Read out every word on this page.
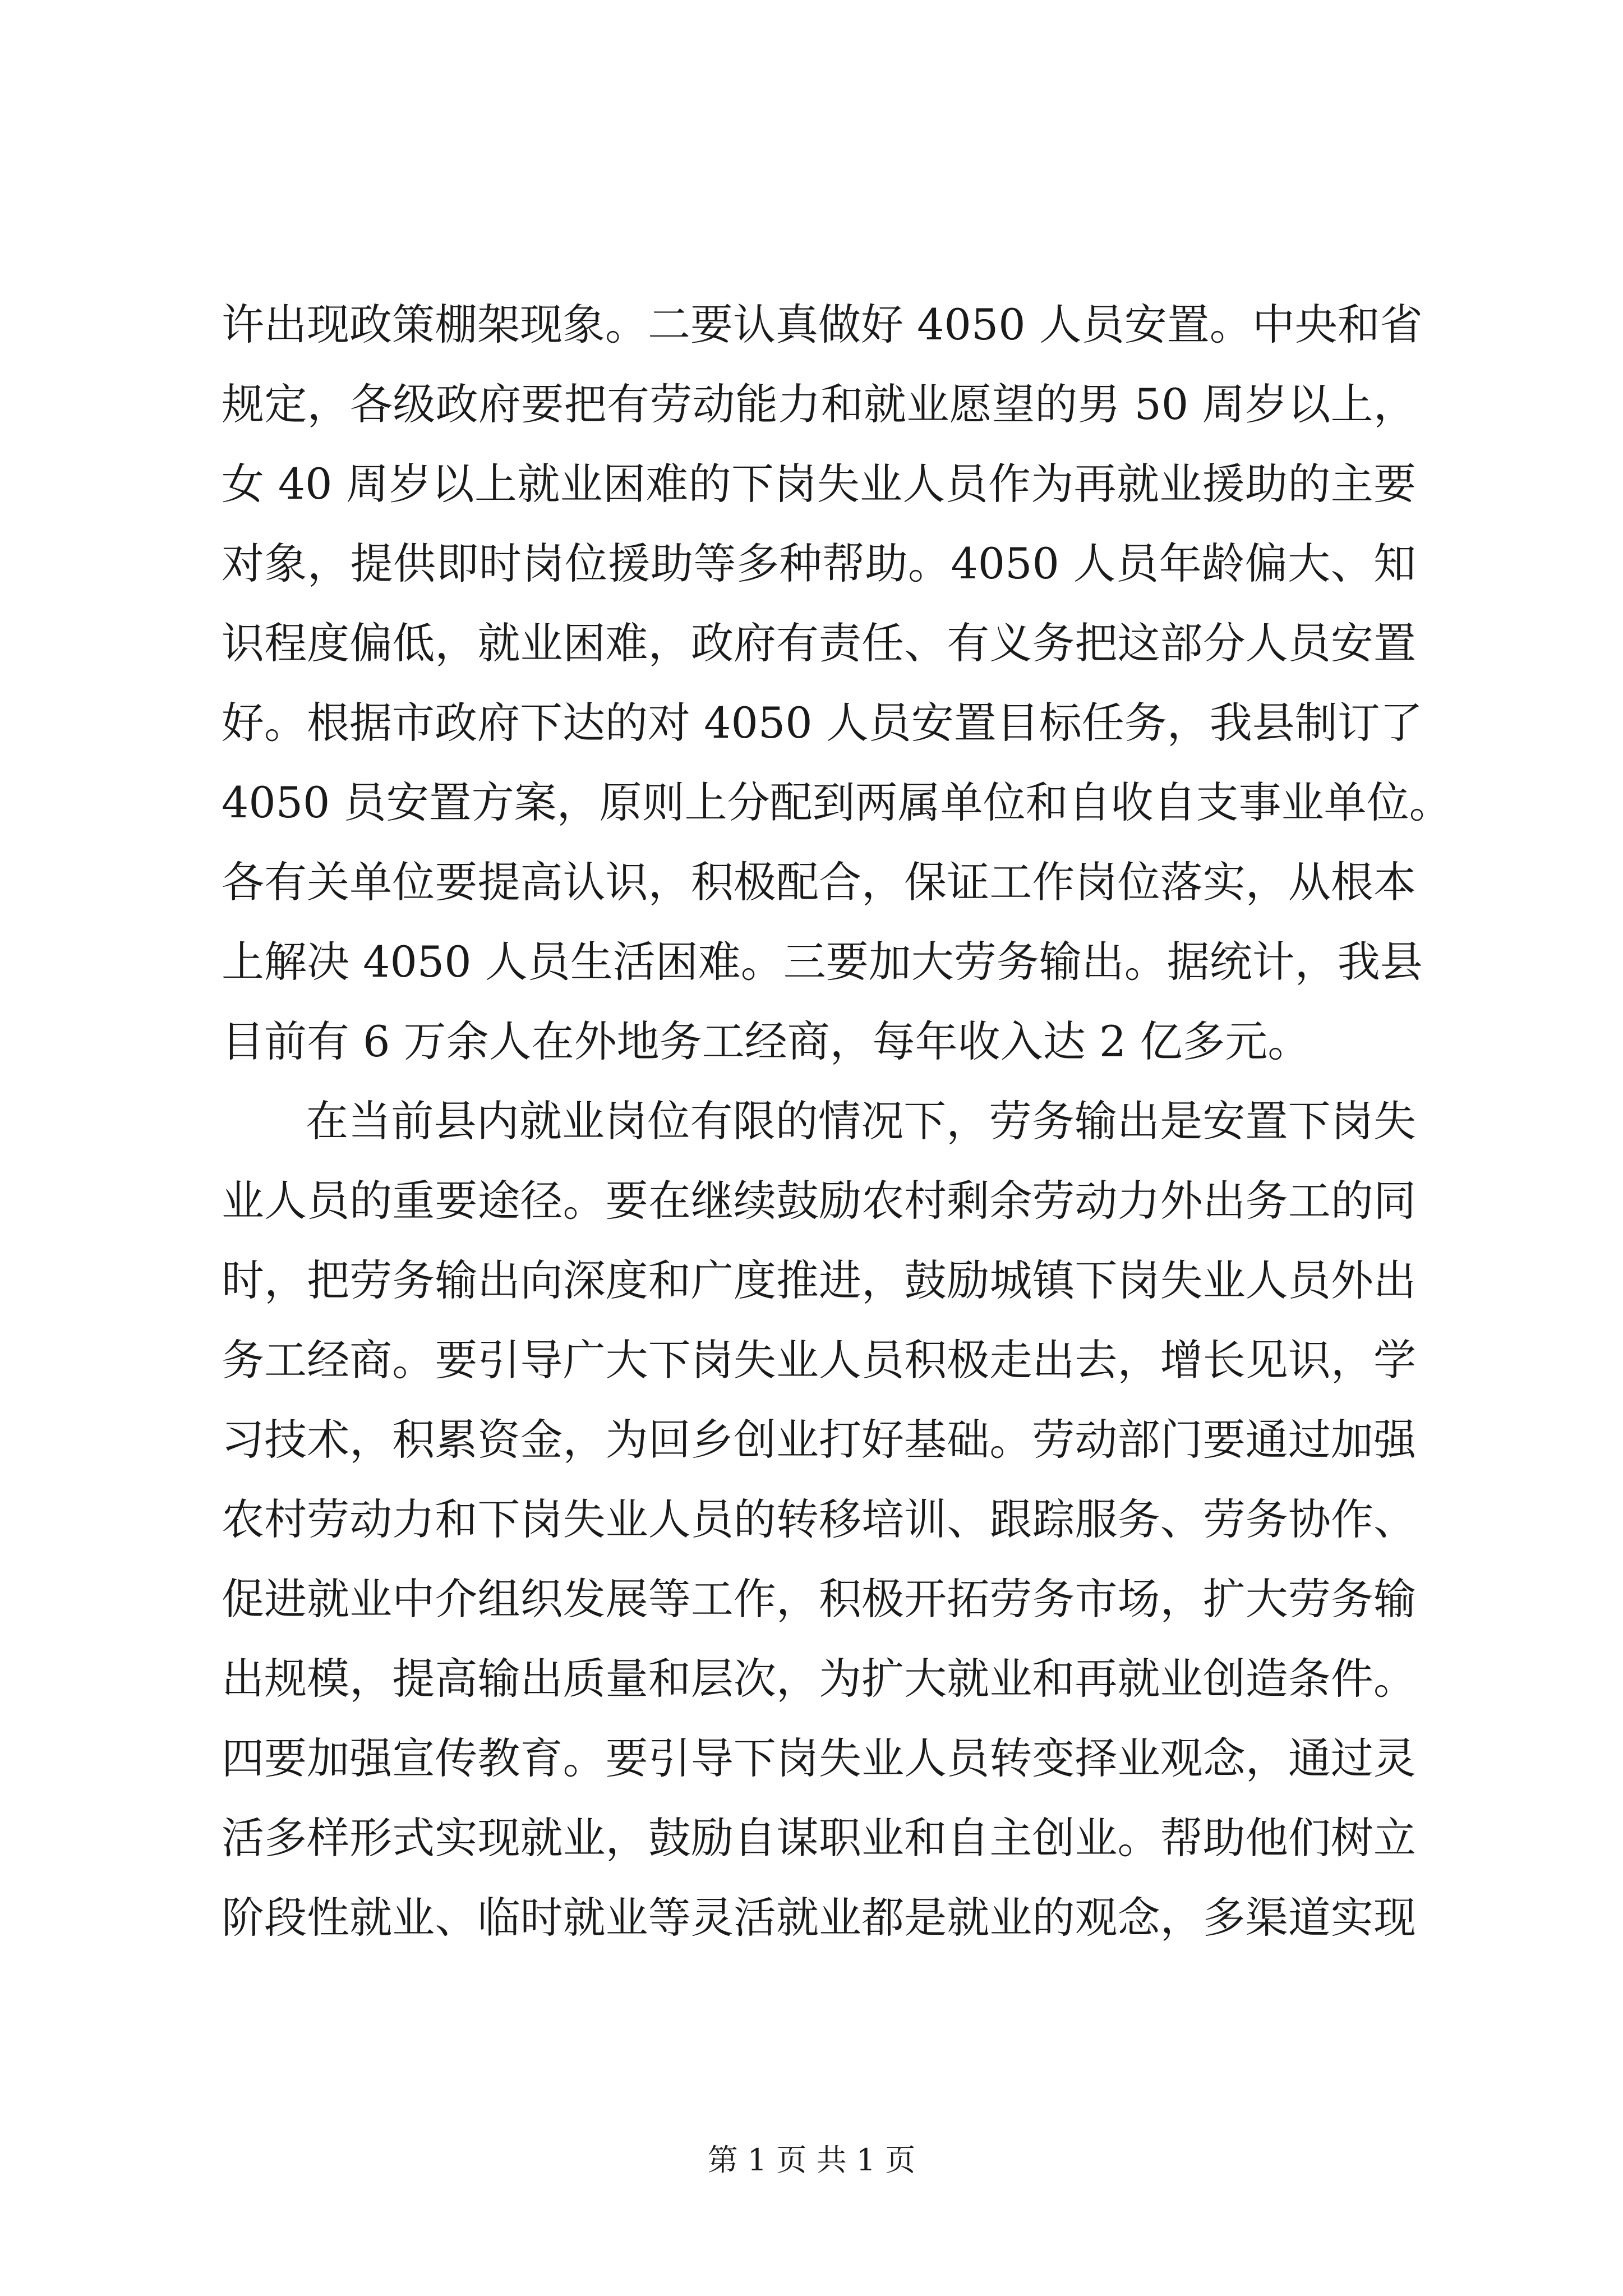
许出现政策棚架现象。二要认真做好 4050 人员安置。中央和省
规定，各级政府要把有劳动能力和就业愿望的男 50 周岁以上，
女 40 周岁以上就业困难的下岗失业人员作为再就业援助的主要
对象，提供即时岗位援助等多种帮助。4050 人员年龄偏大、知
识程度偏低，就业困难，政府有责任、有义务把这部分人员安置
好。根据市政府下达的对 4050 人员安置目标任务，我县制订了
4050 员安置方案，原则上分配到两属单位和自收自支事业单位。
各有关单位要提高认识，积极配合，保证工作岗位落实，从根本
上解决 4050 人员生活困难。三要加大劳务输出。据统计，我县
目前有 6 万余人在外地务工经商，每年收入达 2 亿多元。
在当前县内就业岗位有限的情况下，劳务输出是安置下岗失
业人员的重要途径。要在继续鼓励农村剩余劳动力外出务工的同
时，把劳务输出向深度和广度推进，鼓励城镇下岗失业人员外出
务工经商。要引导广大下岗失业人员积极走出去，增长见识，学
习技术，积累资金，为回乡创业打好基础。劳动部门要通过加强
农村劳动力和下岗失业人员的转移培训、跟踪服务、劳务协作、
促进就业中介组织发展等工作，积极开拓劳务市场，扩大劳务输
出规模，提高输出质量和层次，为扩大就业和再就业创造条件。
四要加强宣传教育。要引导下岗失业人员转变择业观念，通过灵
活多样形式实现就业，鼓励自谋职业和自主创业。帮助他们树立
阶段性就业、临时就业等灵活就业都是就业的观念，多渠道实现
第 1 页 共 1 页
